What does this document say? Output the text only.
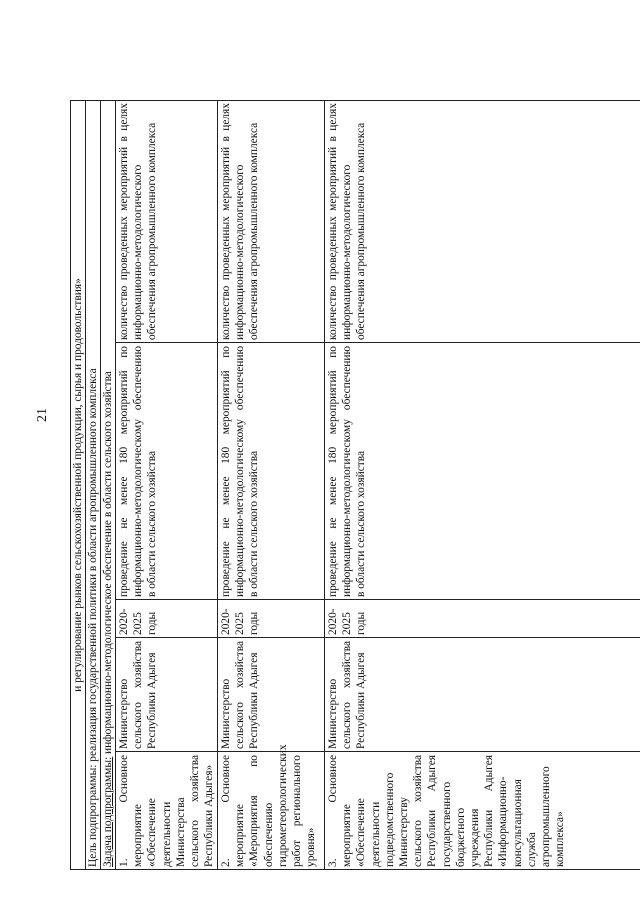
21 и регулирование рынков сельскохозяйственной продукции, сырья и продовольствия» Цель подпрограммы: реализация государственной политики в области агропромышленного комплекса Задача подпрограммы: информационно-методологическое обеспечение в области сельского хозяйства
1. Основное мероприятие «Обеспечение деятельности Министерства сельского хозяйства Республики Адыгея»
Министерство сельского хозяйства Республики Адыгея
2020-2025 годы
проведение не менее 180 мероприятий по информационно-методологическому обеспечению в области сельского хозяйства
количество проведенных мероприятий в целях информационно-методологического обеспечения агропромышленного комплекса
2. Основное мероприятие «Мероприятия по обеспечению гидрометеорологических работ регионального уровня»
Министерство сельского хозяйства Республики Адыгея
2020-2025 годы
проведение не менее 180 мероприятий по информационно-методологическому обеспечению в области сельского хозяйства
количество проведенных мероприятий в целях информационно-методологического обеспечения агропромышленного комплекса
3. Основное мероприятие «Обеспечение деятельности подведомственного Министерству сельского хозяйства Республики Адыгея государственного бюджетного учреждения Республики Адыгея «Информационно-консультационная служба агропромышленного комплекса»
Министерство сельского хозяйства Республики Адыгея
2020-2025 годы
проведение не менее 180 мероприятий по информационно-методологическому обеспечению в области сельского хозяйства
количество проведенных мероприятий в целях информационно-методологического обеспечения агропромышленного комплекса
